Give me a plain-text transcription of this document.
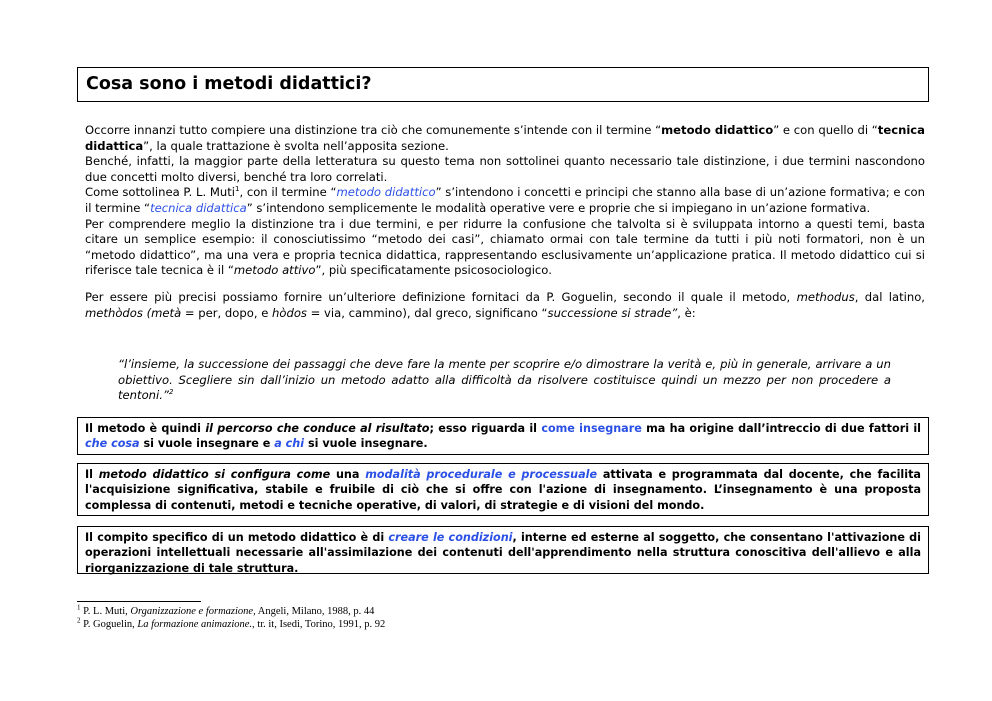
Cosa sono i metodi didattici?

Occorre innanzi tutto compiere una distinzione tra ciò che comunemente s’intende con il termine “metodo didattico” e con quello di “tecnica didattica”, la quale trattazione è svolta nell’apposita sezione.

Benché, infatti, la maggior parte della letteratura su questo tema non sottolinei quanto necessario tale distinzione, i due termini nascondono due concetti molto diversi, benché tra loro correlati.

Come sottolinea P. L. Muti$^1$, con il termine “metodo didattico” s’intendono i concetti e principi che stanno alla base di un’azione formativa; e con il termine “tecnica didattica” s’intendono semplicemente le modalità operative vere e proprie che si impiegano in un’azione formativa.

Per comprendere meglio la distinzione tra i due termini, e per ridurre la confusione che talvolta si è sviluppata intorno a questi temi, basta citare un semplice esempio: il conosciutissimo “metodo dei casi”, chiamato ormai con tale termine da tutti i più noti formatori, non è un “metodo didattico”, ma una vera e propria tecnica didattica, rappresentando esclusivamente un’applicazione pratica. Il metodo didattico cui si riferisce tale tecnica è il “metodo attivo”, più specificatamente psicosociologico.

Per essere più precisi possiamo fornire un’ulteriore definizione fornitaci da P. Goguelin, secondo il quale il metodo, methodus, dal latino, methòdos (metà = per, dopo, e hòdos = via, cammino), dal greco, significano “successione si strade”, è:

“l’insieme, la successione dei passaggi che deve fare la mente per scoprire e/o dimostrare la verità e, più in generale, arrivare a un obiettivo. Scegliere sin dall’inizio un metodo adatto alla difficoltà da risolvere costituisce quindi un mezzo per non procedere a tentoni.”$^2$
Il metodo è quindi il percorso che conduce al risultato; esso riguarda il come insegnare ma ha origine dall’intreccio di due fattori il che cosa si vuole insegnare e a chi si vuole insegnare.
Il metodo didattico si configura come una modalità procedurale e processuale attivata e programmata dal docente, che facilita l'acquisizione significativa, stabile e fruibile di ciò che si offre con l'azione di insegnamento. L’insegnamento è una proposta complessa di contenuti, metodi e tecniche operative, di valori, di strategie e di visioni del mondo.
Il compito specifico di un metodo didattico è di creare le condizioni, interne ed esterne al soggetto, che consentano l'attivazione di operazioni intellettuali necessarie all'assimilazione dei contenuti dell'apprendimento nella struttura conoscitiva dell'allievo e alla riorganizzazione di tale struttura.
$^1$ P. L. Muti, Organizzazione e formazione, Angeli, Milano, 1988, p. 44
$^2$ P. Goguelin, La formazione animazione., tr. it, Isedi, Torino, 1991, p. 92
